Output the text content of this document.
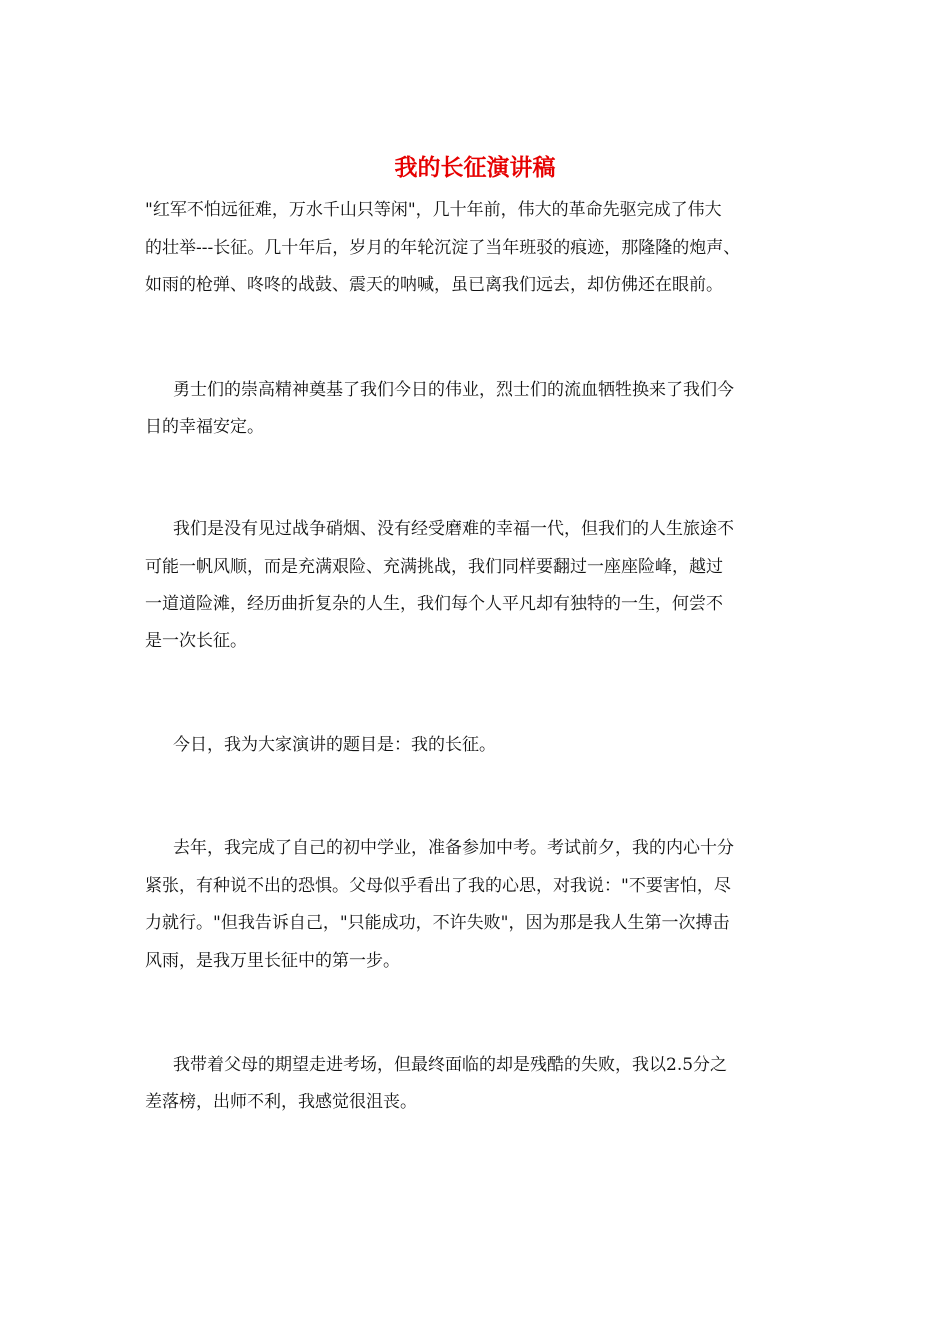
我的长征演讲稿
"红军不怕远征难，万水千山只等闲"，几十年前，伟大的革命先驱完成了伟大
的壮举---长征。几十年后，岁月的年轮沉淀了当年班驳的痕迹，那隆隆的炮声、
如雨的枪弹、咚咚的战鼓、震天的呐喊，虽已离我们远去，却仿佛还在眼前。
勇士们的崇高精神奠基了我们今日的伟业，烈士们的流血牺牲换来了我们今
日的幸福安定。
我们是没有见过战争硝烟、没有经受磨难的幸福一代，但我们的人生旅途不
可能一帆风顺，而是充满艰险、充满挑战，我们同样要翻过一座座险峰，越过
一道道险滩，经历曲折复杂的人生，我们每个人平凡却有独特的一生，何尝不
是一次长征。
今日，我为大家演讲的题目是：我的长征。
去年，我完成了自己的初中学业，准备参加中考。考试前夕，我的内心十分
紧张，有种说不出的恐惧。父母似乎看出了我的心思，对我说："不要害怕，尽
力就行。"但我告诉自己，"只能成功，不许失败"，因为那是我人生第一次搏击
风雨，是我万里长征中的第一步。
我带着父母的期望走进考场，但最终面临的却是残酷的失败，我以2.5分之
差落榜，出师不利，我感觉很沮丧。
